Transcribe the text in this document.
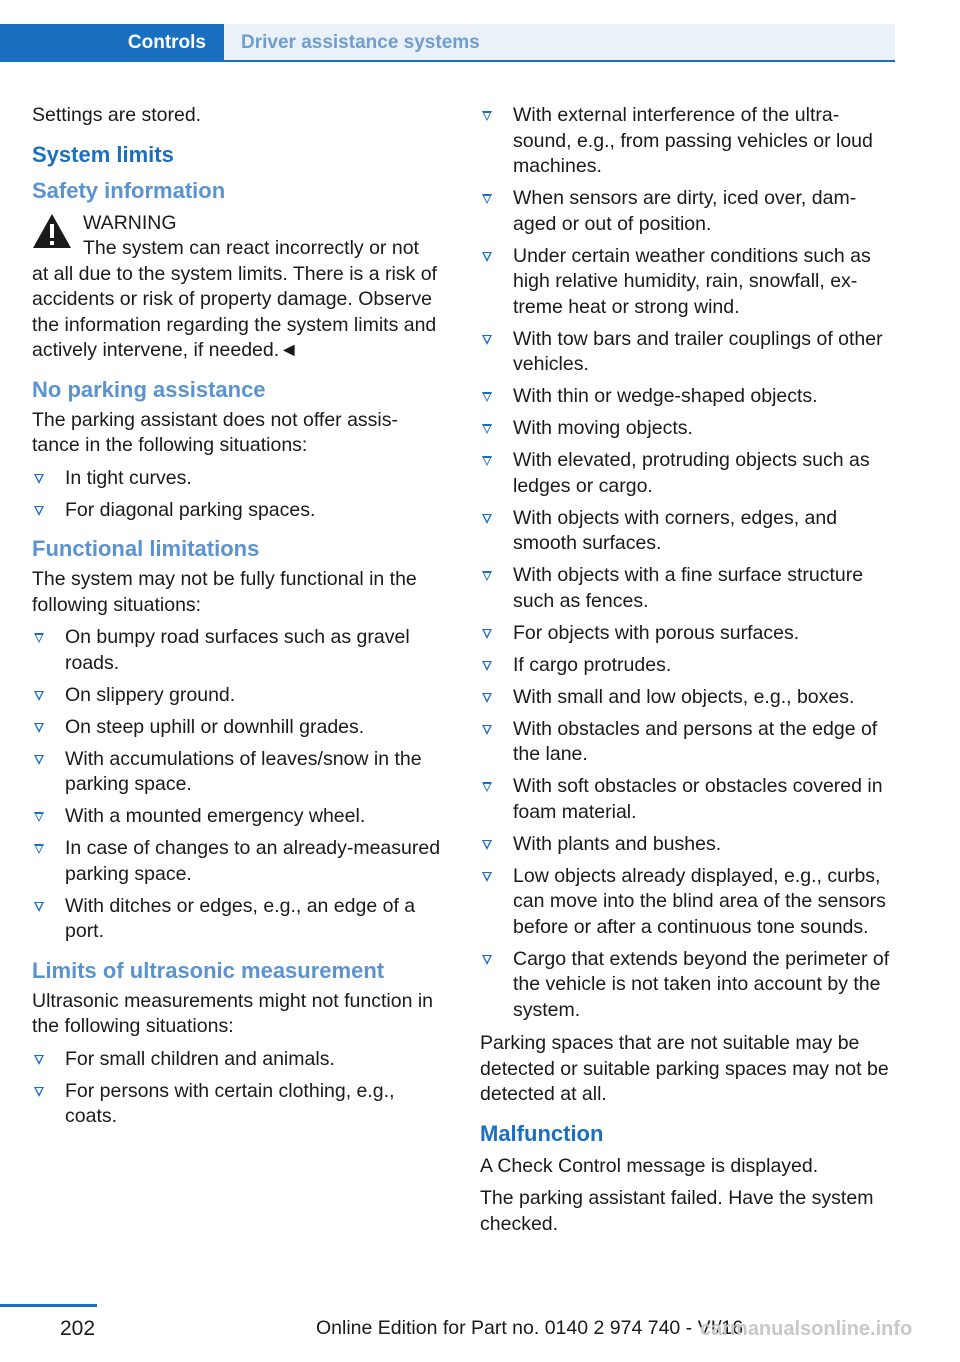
Controls	Driver assistance systems

Settings are stored.

System limits
Safety information
WARNING
The system can react incorrectly or not
at all due to the system limits. There is a risk of accidents or risk of property damage. Observe the information regarding the system limits and actively intervene, if needed.◄
No parking assistance

The parking assistant does not offer assis‐ tance in the following situations:

In tight curves.
For diagonal parking spaces.
Functional limitations

The system may not be fully functional in the following situations:

On bumpy road surfaces such as gravel roads.
On slippery ground.
On steep uphill or downhill grades.
With accumulations of leaves/snow in the parking space.
With a mounted emergency wheel.
In case of changes to an already-measured parking space.
With ditches or edges, e.g., an edge of a port.
Limits of ultrasonic measurement

Ultrasonic measurements might not function in the following situations:

For small children and animals.
For persons with certain clothing, e.g., coats.
With external interference of the ultra‐ sound, e.g., from passing vehicles or loud machines.
When sensors are dirty, iced over, dam‐ aged or out of position.
Under certain weather conditions such as high relative humidity, rain, snowfall, ex‐ treme heat or strong wind.
With tow bars and trailer couplings of other vehicles.
With thin or wedge-shaped objects.
With moving objects.
With elevated, protruding objects such as ledges or cargo.
With objects with corners, edges, and smooth surfaces.
With objects with a fine surface structure such as fences.
For objects with porous surfaces.
If cargo protrudes.
With small and low objects, e.g., boxes.
With obstacles and persons at the edge of the lane.
With soft obstacles or obstacles covered in foam material.
With plants and bushes.
Low objects already displayed, e.g., curbs, can move into the blind area of the sensors before or after a continuous tone sounds.
Cargo that extends beyond the perimeter of the vehicle is not taken into account by the system.

Parking spaces that are not suitable may be detected or suitable parking spaces may not be detected at all.

Malfunction

A Check Control message is displayed.

The parking assistant failed. Have the system checked.

202	Online Edition for Part no. 0140 2 974 740 - VI/16
carmanualsonline.info
